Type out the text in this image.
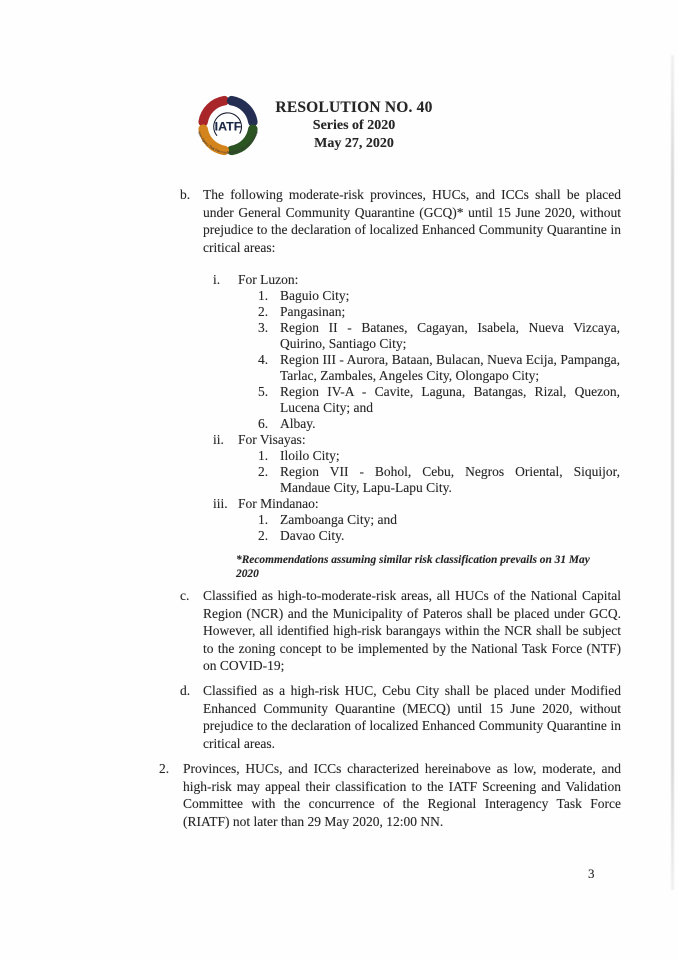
IATF
Inter-Agency Task Force on Emerging Infectious Diseases
RESOLUTION NO. 40
Series of 2020
May 27, 2020
b. The following moderate-risk provinces, HUCs, and ICCs shall be placed under General Community Quarantine (GCQ)* until 15 June 2020, without prejudice to the declaration of localized Enhanced Community Quarantine in critical areas:
i.	For Luzon:
1. Baguio City;
2. Pangasinan;
3. Region II - Batanes, Cagayan, Isabela, Nueva Vizcaya, Quirino, Santiago City;
4. Region III - Aurora, Bataan, Bulacan, Nueva Ecija, Pampanga, Tarlac, Zambales, Angeles City, Olongapo City;
5. Region IV-A - Cavite, Laguna, Batangas, Rizal, Quezon, Lucena City; and
6. Albay.
ii.	For Visayas:
1. Iloilo City;
2. Region VII - Bohol, Cebu, Negros Oriental, Siquijor, Mandaue City, Lapu-Lapu City.
iii. For Mindanao:
1. Zamboanga City; and
2. Davao City.
*Recommendations assuming similar risk classification prevails on 31 May 2020
c.	Classified as high-to-moderate-risk areas, all HUCs of the National Capital Region (NCR) and the Municipality of Pateros shall be placed under GCQ. However, all identified high-risk barangays within the NCR shall be subject to the zoning concept to be implemented by the National Task Force (NTF) on COVID-19;
d. Classified as a high-risk HUC, Cebu City shall be placed under Modified Enhanced Community Quarantine (MECQ) until 15 June 2020, without prejudice to the declaration of localized Enhanced Community Quarantine in critical areas.
2.	Provinces, HUCs, and ICCs characterized hereinabove as low, moderate, and high-risk may appeal their classification to the IATF Screening and Validation Committee with the concurrence of the Regional Interagency Task Force (RIATF) not later than 29 May 2020, 12:00 NN.
3
